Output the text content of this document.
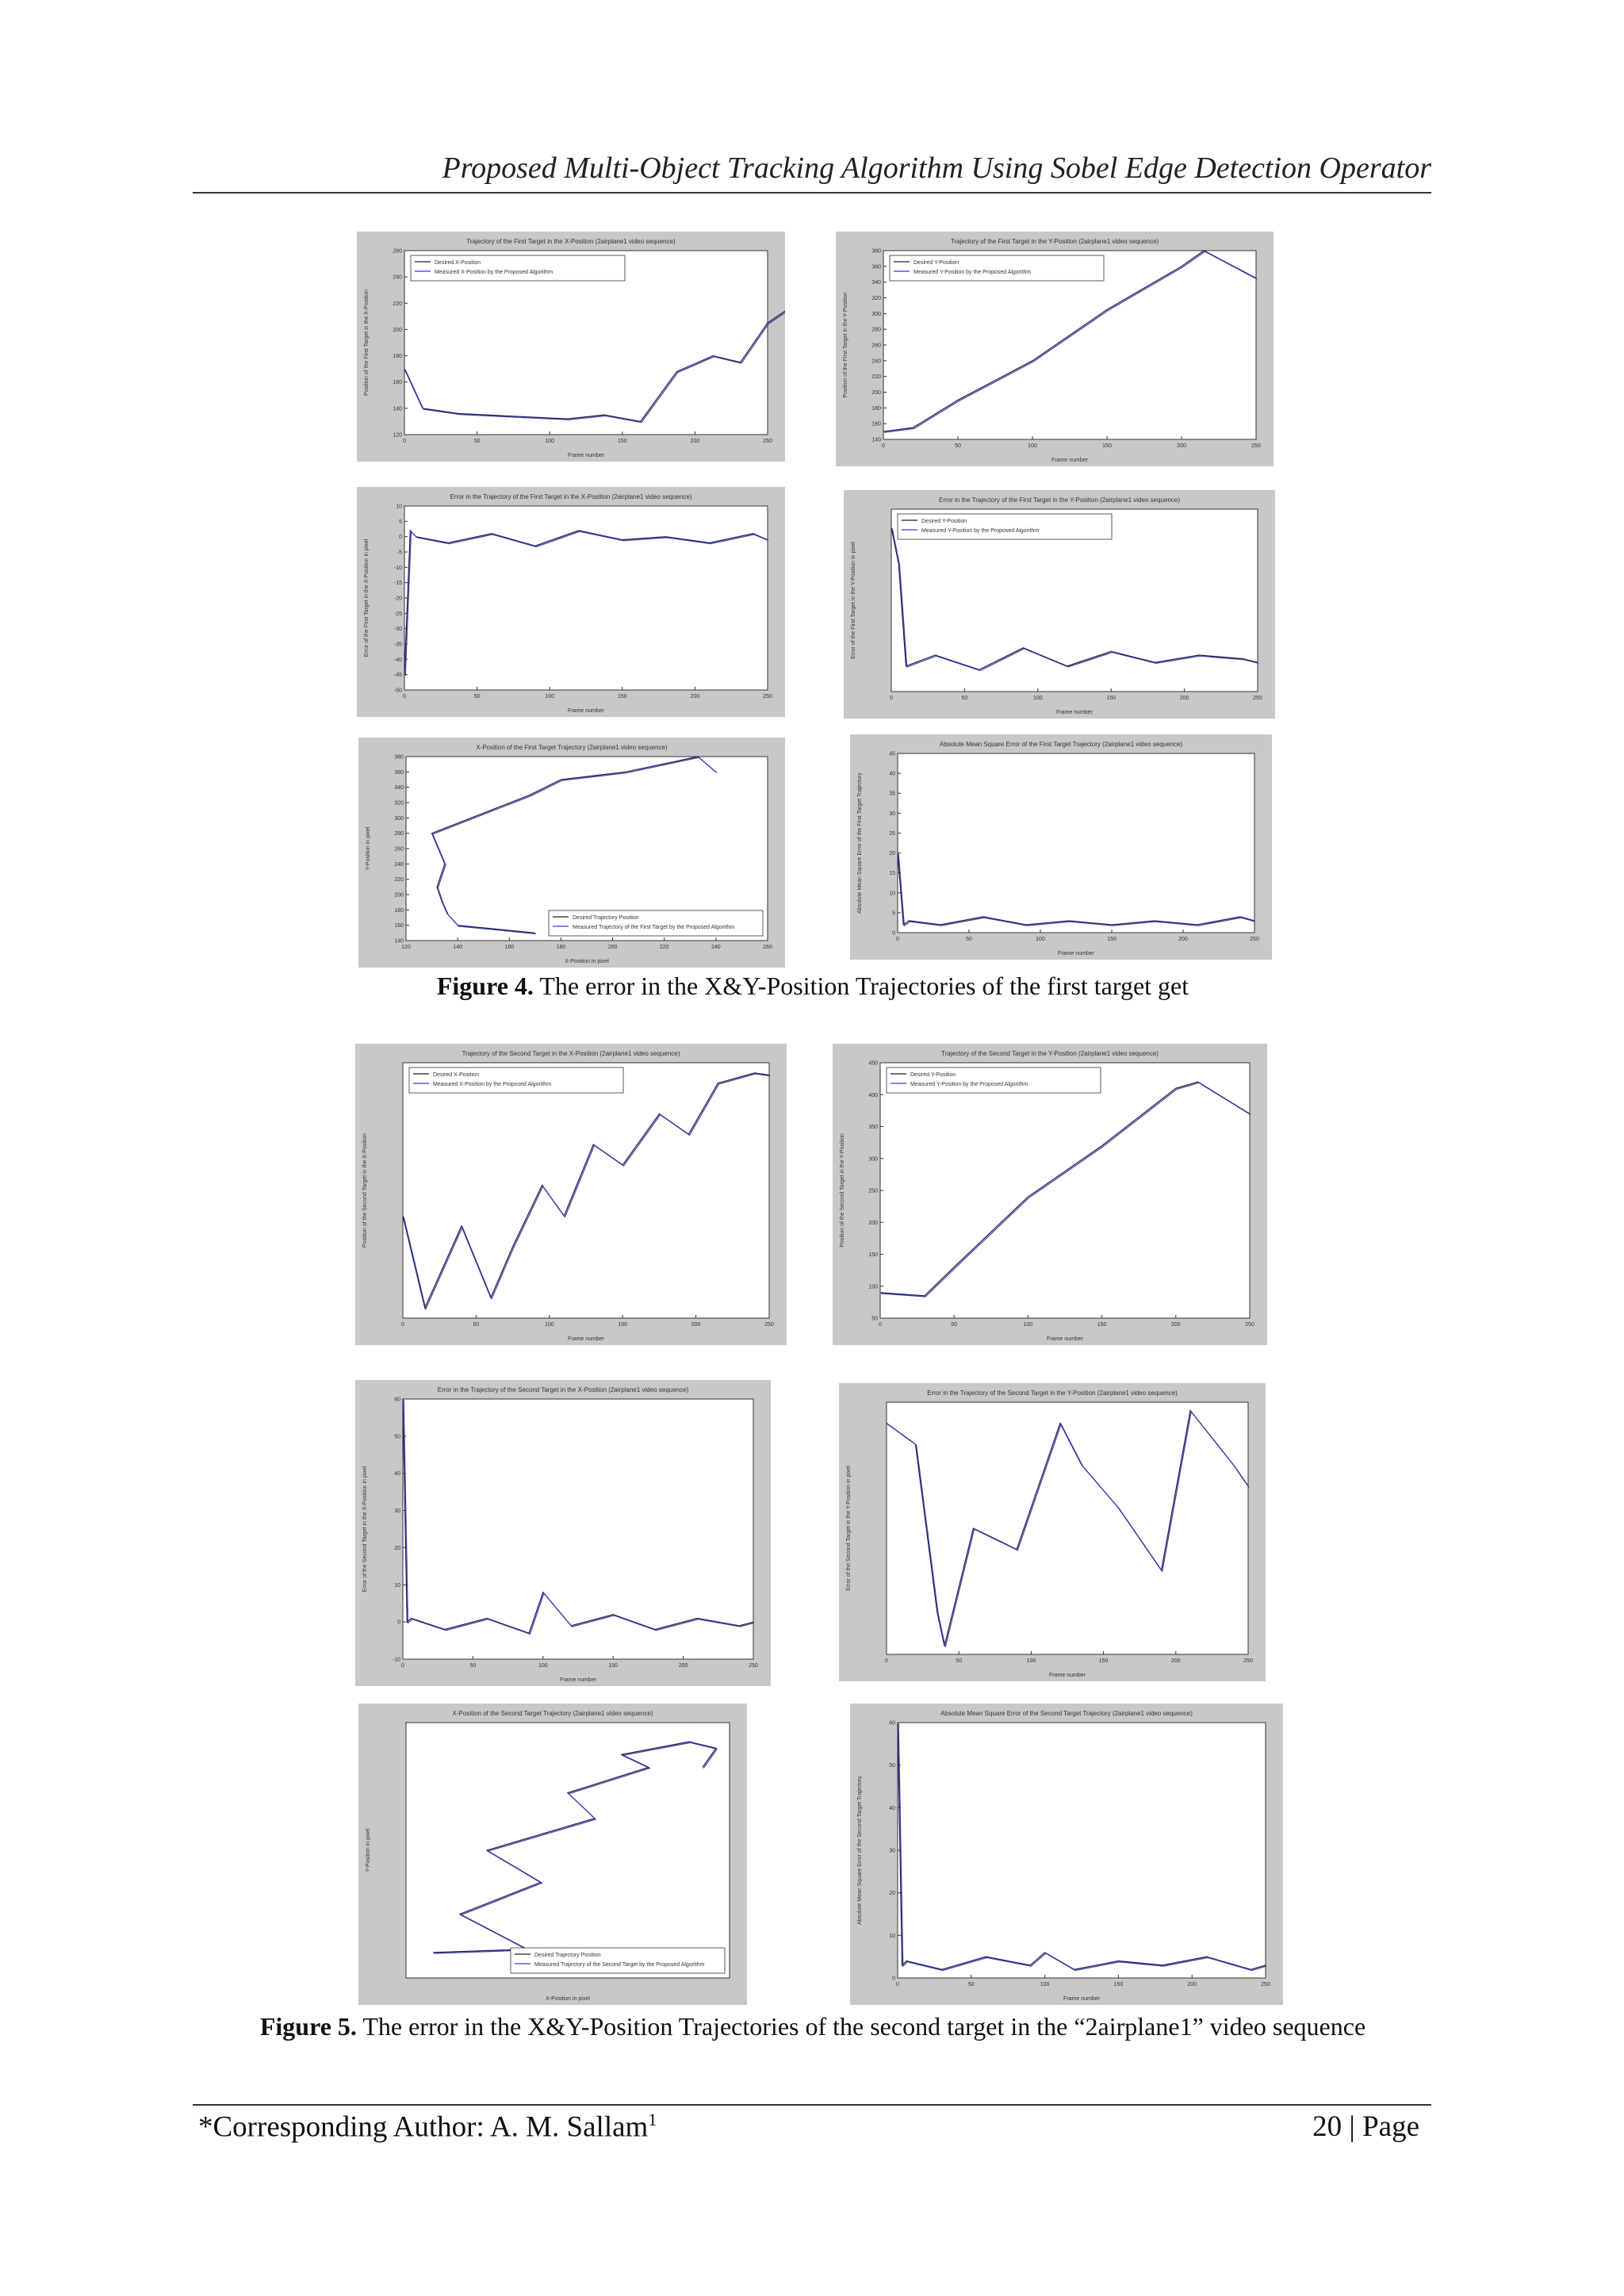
Proposed Multi-Object Tracking Algorithm Using Sobel Edge Detection Operator
Trajectory of the First Target in the X-Position (2airplane1 video sequence)
Frame number
Position of the First Target in the X-Position
0	50	100	150	200	250
120
140
160
180
200
220
240
260
Desired X-Position
Measured X-Position by the Proposed Algorithm
Trajectory of the First Target in the Y-Position (2airplane1 video sequence)
Frame number
Position of the First Target in the Y-Position
0	50	100	150	200	250
140
160
180
200
220
240
260
280
300
320
340
360
380
Desired Y-Position
Measured Y-Position by the Proposed Algorithm
Error in the Trajectory of the First Target in the X-Position (2airplane1 video sequence)
Frame number
Error of the First Target in the X-Position in pixel
0	50	100	150	200	250
10
5
0
-5
-10
-15
-20
-25
-30
-35
-40
-45
-50
Error in the Trajectory of the First Target in the Y-Position (2airplane1 video sequence)
Frame number
Error of the First Target in the Y-Position in pixel
0	50	100	150	200	250
Desired Y-Position
Measured Y-Position by the Proposed Algorithm
X-Position of the First Target Trajectory (2airplane1 video sequence)
X-Position in pixel
Y-Position in pixel
120	140	160	180	200	220	240	260
140
160
180
200
220
240
260
280
300
320
340
360
380
Desired Trajectory Position
Measured Trajectory of the First Target by the Proposed Algorithm
Absolute Mean Square Error of the First Target Trajectory (2airplane1 video sequence)
Frame number
Absolute Mean Square Error of the First Target Trajectory
0	50	100	150	200	250
0
5
10
15
20
25
30
35
40
45
Figure 4. The error in the X&Y-Position Trajectories of the first target get
Trajectory of the Second Target in the X-Position (2airplane1 video sequence)
Frame number
Position of the Second Target in the X-Position
0	50	100	150	200	250
Desired X-Position
Measured X-Position by the Proposed Algorithm
Trajectory of the Second Target in the Y-Position (2airplane1 video sequence)
Frame number
Position of the Second Target in the Y-Position
0	50	100	150	200	250
50
100
150
200
250
300
350
400
450
Desired Y-Position
Measured Y-Position by the Proposed Algorithm
Error in the Trajectory of the Second Target in the X-Position (2airplane1 video sequence)
Frame number
Error of the Second Target in the X-Position in pixel
0	50	100	150	200	250
60
50
40
30
20
10
0
-10
Error in the Trajectory of the Second Target in the Y-Position (2airplane1 video sequence)
Frame number
Error of the Second Target in the Y-Position in pixel
0	50	100	150	200	250
X-Position of the Second Target Trajectory (2airplane1 video sequence)
X-Position in pixel
Y-Position in pixel
Desired Trajectory Position
Measured Trajectory of the Second Target by the Proposed Algorithm
Absolute Mean Square Error of the Second Target Trajectory (2airplane1 video sequence)
Frame number
Absolute Mean Square Error of the Second Target Trajectory
0	50	100	150	200	250
0
10
20
30
40
50
60
Figure 5. The error in the X&Y-Position Trajectories of the second target in the “2airplane1” video sequence
*Corresponding Author: A. M. Sallam$^1$	20 | Page
